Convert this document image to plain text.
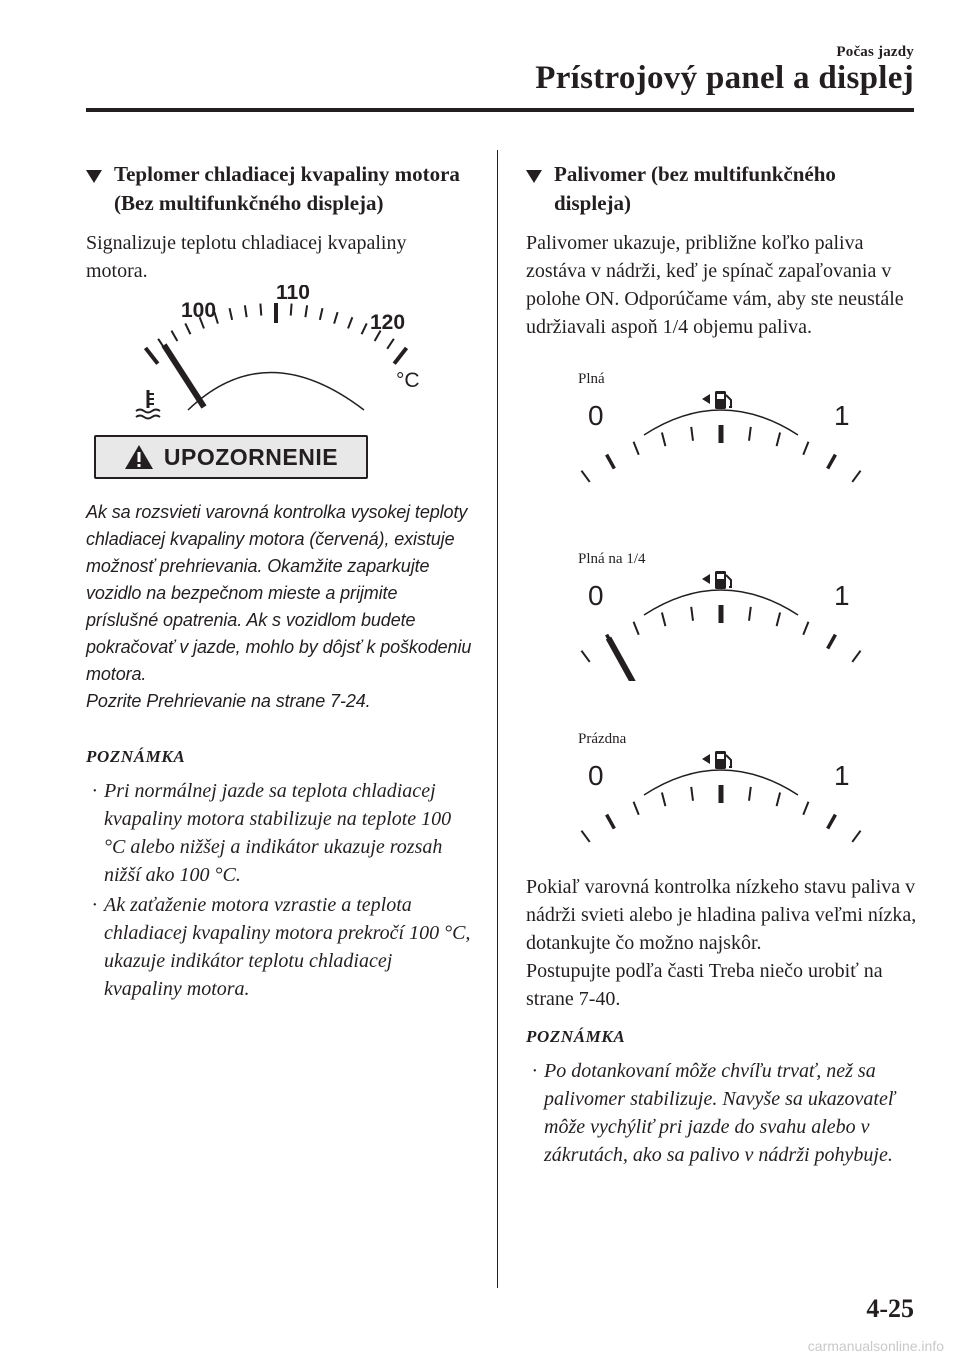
Počas jazdy
Prístrojový panel a displej
Teplomer chladiacej kvapaliny motora (Bez multifunkčného displeja)

Signalizuje teplotu chladiacej kvapaliny motora.

100
110
120
°C
UPOZORNENIE

Ak sa rozsvieti varovná kontrolka vysokej teploty chladiacej kvapaliny motora (červená), existuje možnosť prehrievania. Okamžite zaparkujte vozidlo na bezpečnom mieste a prijmite príslušné opatrenia. Ak s vozidlom budete pokračovať v jazde, mohlo by dôjsť k poškodeniu motora.
Pozrite Prehrievanie na strane 7-24.

POZNÁMKA

· Pri normálnej jazde sa teplota chladiacej kvapaliny motora stabilizuje na teplote 100 °C alebo nižšej a indikátor ukazuje rozsah nižší ako 100 °C.
· Ak zaťaženie motora vzrastie a teplota chladiacej kvapaliny motora prekročí 100 °C, ukazuje indikátor teplotu chladiacej kvapaliny motora.
Palivomer (bez multifunkčného displeja)

Palivomer ukazuje, približne koľko paliva zostáva v nádrži, keď je spínač zapaľovania v polohe ON. Odporúčame vám, aby ste neustále udržiavali aspoň 1/4 objemu paliva.

Plná
0	1
Plná na 1/4
0	1
Prázdna
0	1

Pokiaľ varovná kontrolka nízkeho stavu paliva v nádrži svieti alebo je hladina paliva veľmi nízka, dotankujte čo možno najskôr.
Postupujte podľa časti Treba niečo urobiť na strane 7-40.

POZNÁMKA

· Po dotankovaní môže chvíľu trvať, než sa palivomer stabilizuje. Navyše sa ukazovateľ môže vychýliť pri jazde do svahu alebo v zákrutách, ako sa palivo v nádrži pohybuje.
4-25
carmanualsonline.info
